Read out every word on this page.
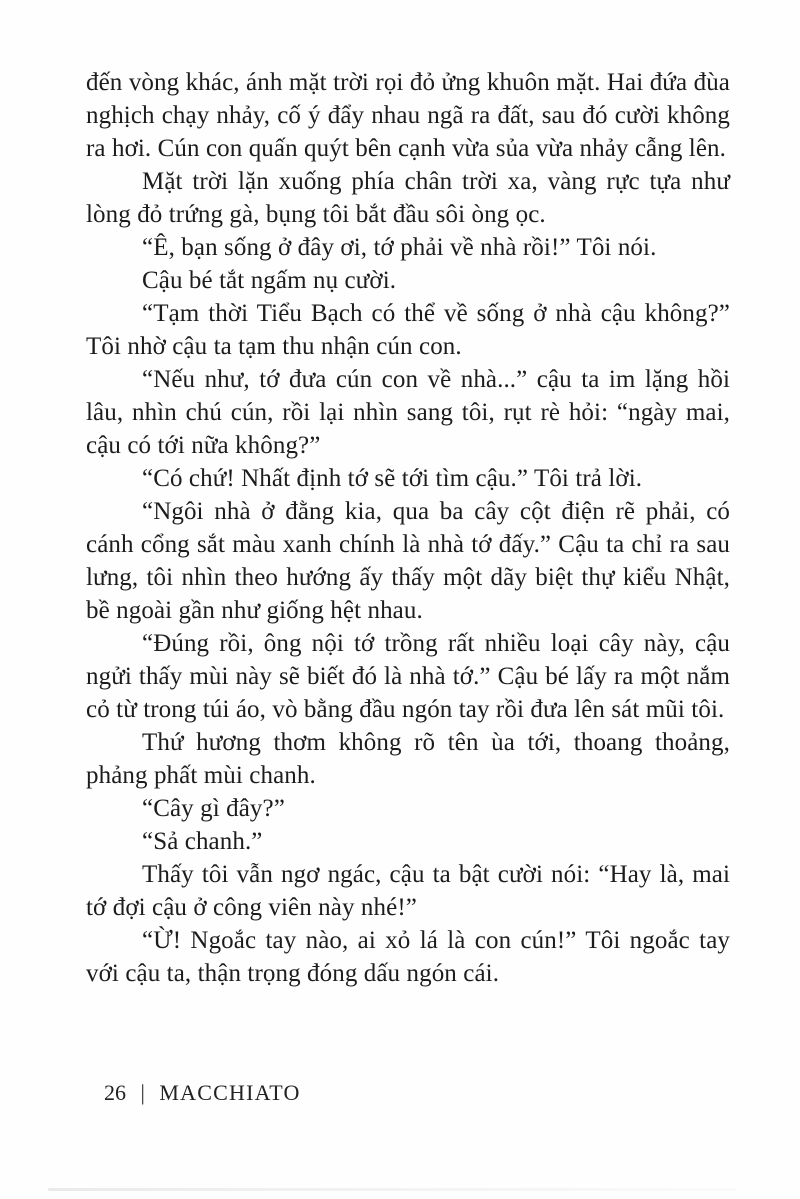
đến vòng khác, ánh mặt trời rọi đỏ ửng khuôn mặt. Hai đứa đùa nghịch chạy nhảy, cố ý đẩy nhau ngã ra đất, sau đó cười không ra hơi. Cún con quấn quýt bên cạnh vừa sủa vừa nhảy cẫng lên.

Mặt trời lặn xuống phía chân trời xa, vàng rực tựa như lòng đỏ trứng gà, bụng tôi bắt đầu sôi òng ọc.

“Ê, bạn sống ở đây ơi, tớ phải về nhà rồi!” Tôi nói.

Cậu bé tắt ngấm nụ cười.

“Tạm thời Tiểu Bạch có thể về sống ở nhà cậu không?” Tôi nhờ cậu ta tạm thu nhận cún con.

“Nếu như, tớ đưa cún con về nhà...” cậu ta im lặng hồi lâu, nhìn chú cún, rồi lại nhìn sang tôi, rụt rè hỏi: “ngày mai, cậu có tới nữa không?”

“Có chứ! Nhất định tớ sẽ tới tìm cậu.” Tôi trả lời.

“Ngôi nhà ở đằng kia, qua ba cây cột điện rẽ phải, có cánh cổng sắt màu xanh chính là nhà tớ đấy.” Cậu ta chỉ ra sau lưng, tôi nhìn theo hướng ấy thấy một dãy biệt thự kiểu Nhật, bề ngoài gần như giống hệt nhau.

“Đúng rồi, ông nội tớ trồng rất nhiều loại cây này, cậu ngửi thấy mùi này sẽ biết đó là nhà tớ.” Cậu bé lấy ra một nắm cỏ từ trong túi áo, vò bằng đầu ngón tay rồi đưa lên sát mũi tôi.

Thứ hương thơm không rõ tên ùa tới, thoang thoảng, phảng phất mùi chanh.

“Cây gì đây?”

“Sả chanh.”

Thấy tôi vẫn ngơ ngác, cậu ta bật cười nói: “Hay là, mai tớ đợi cậu ở công viên này nhé!”

“Ừ! Ngoắc tay nào, ai xỏ lá là con cún!” Tôi ngoắc tay với cậu ta, thận trọng đóng dấu ngón cái.

26 | MACCHIATO
